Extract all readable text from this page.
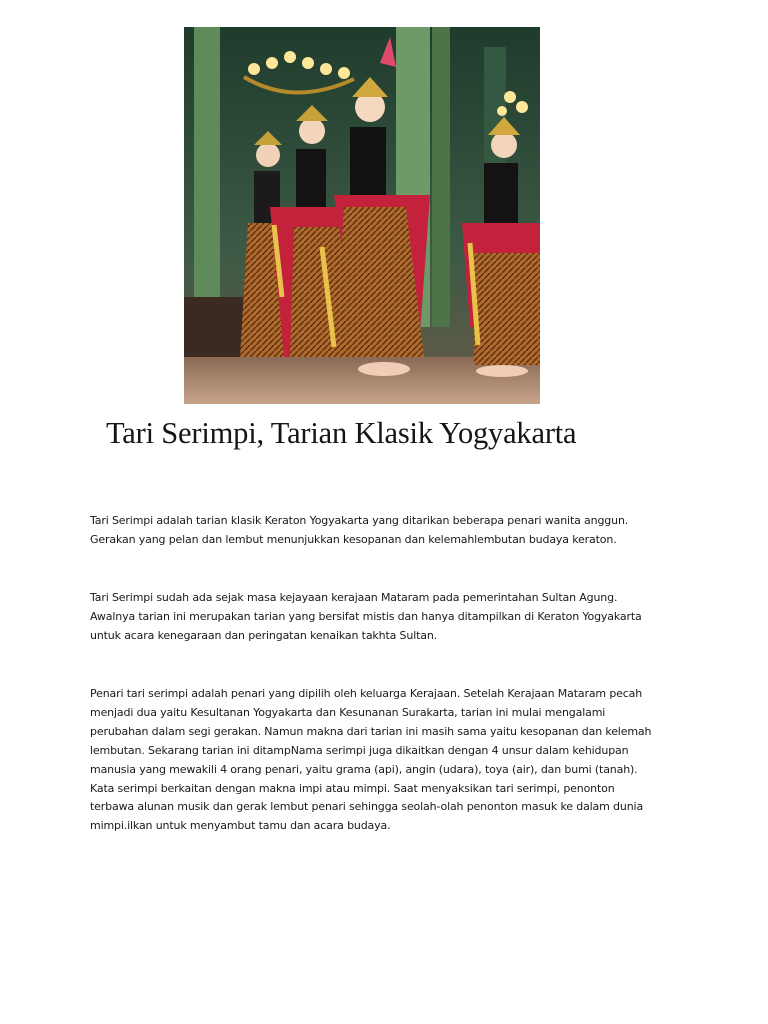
Tari Serimpi, Tarian Klasik Yogyakarta
Tari Serimpi adalah tarian klasik Keraton Yogyakarta yang ditarikan beberapa penari wanita anggun.
Gerakan yang pelan dan lembut menunjukkan kesopanan dan kelemahlembutan budaya keraton.
Tari Serimpi sudah ada sejak masa kejayaan kerajaan Mataram pada pemerintahan Sultan Agung.
Awalnya tarian ini merupakan tarian yang bersifat mistis dan hanya ditampilkan di Keraton Yogyakarta
untuk acara kenegaraan dan peringatan kenaikan takhta Sultan.
Penari tari serimpi adalah penari yang dipilih oleh keluarga Kerajaan. Setelah Kerajaan Mataram pecah
menjadi dua yaitu Kesultanan Yogyakarta dan Kesunanan Surakarta, tarian ini mulai mengalami
perubahan dalam segi gerakan. Namun makna dari tarian ini masih sama yaitu kesopanan dan kelemah
lembutan. Sekarang tarian ini ditampNama serimpi juga dikaitkan dengan 4 unsur dalam kehidupan
manusia yang mewakili 4 orang penari, yaitu grama (api), angin (udara), toya (air), dan bumi (tanah).
Kata serimpi berkaitan dengan makna impi atau mimpi. Saat menyaksikan tari serimpi, penonton
terbawa alunan musik dan gerak lembut penari sehingga seolah-olah penonton masuk ke dalam dunia
mimpi.ilkan untuk menyambut tamu dan acara budaya.
